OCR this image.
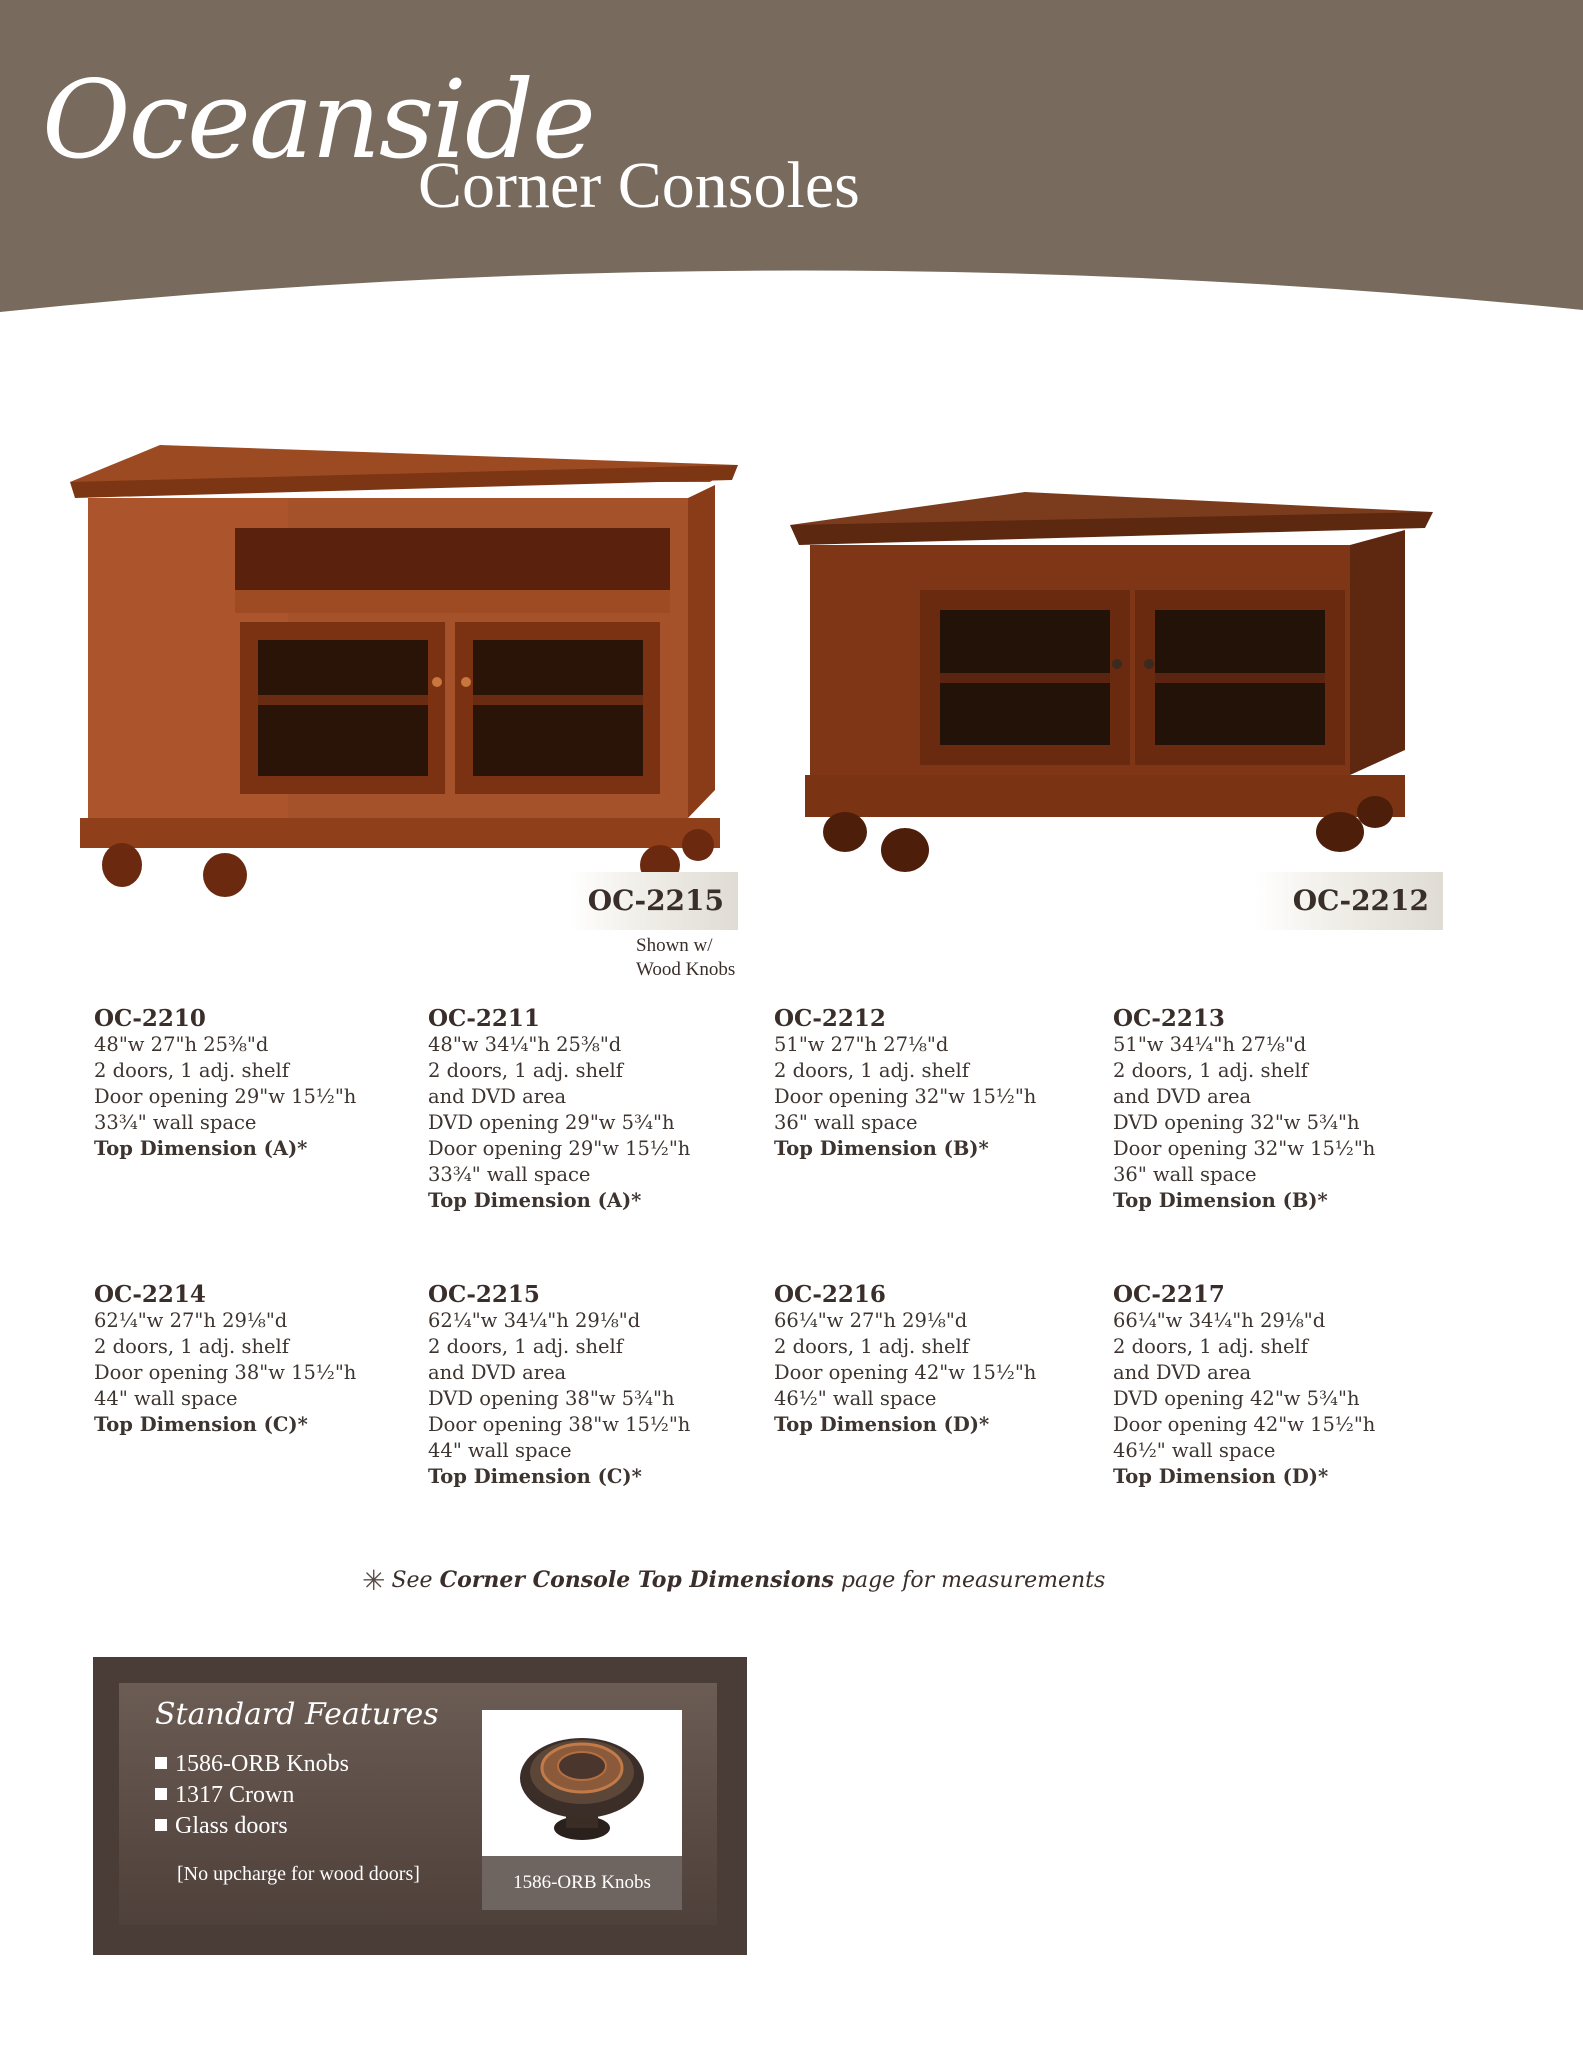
Oceanside
Corner Consoles
OC-2215
Shown w/
Wood Knobs
OC-2212
OC-2210
48"w 27"h 25⅜"d
2 doors, 1 adj. shelf
Door opening 29"w 15½"h
33¾" wall space
Top Dimension (A)*
OC-2211
48"w 34¼"h 25⅜"d
2 doors, 1 adj. shelf
and DVD area
DVD opening 29"w 5¾"h
Door opening 29"w 15½"h
33¾" wall space
Top Dimension (A)*
OC-2212
51"w 27"h 27⅛"d
2 doors, 1 adj. shelf
Door opening 32"w 15½"h
36" wall space
Top Dimension (B)*
OC-2213
51"w 34¼"h 27⅛"d
2 doors, 1 adj. shelf
and DVD area
DVD opening 32"w 5¾"h
Door opening 32"w 15½"h
36" wall space
Top Dimension (B)*
OC-2214
62¼"w 27"h 29⅛"d
2 doors, 1 adj. shelf
Door opening 38"w 15½"h
44" wall space
Top Dimension (C)*
OC-2215
62¼"w 34¼"h 29⅛"d
2 doors, 1 adj. shelf
and DVD area
DVD opening 38"w 5¾"h
Door opening 38"w 15½"h
44" wall space
Top Dimension (C)*
OC-2216
66¼"w 27"h 29⅛"d
2 doors, 1 adj. shelf
Door opening 42"w 15½"h
46½" wall space
Top Dimension (D)*
OC-2217
66¼"w 34¼"h 29⅛"d
2 doors, 1 adj. shelf
and DVD area
DVD opening 42"w 5¾"h
Door opening 42"w 15½"h
46½" wall space
Top Dimension (D)*
✳ See Corner Console Top Dimensions page for measurements
Standard Features
1586-ORB Knobs
1317 Crown
Glass doors
[No upcharge for wood doors]	1586-ORB Knobs
